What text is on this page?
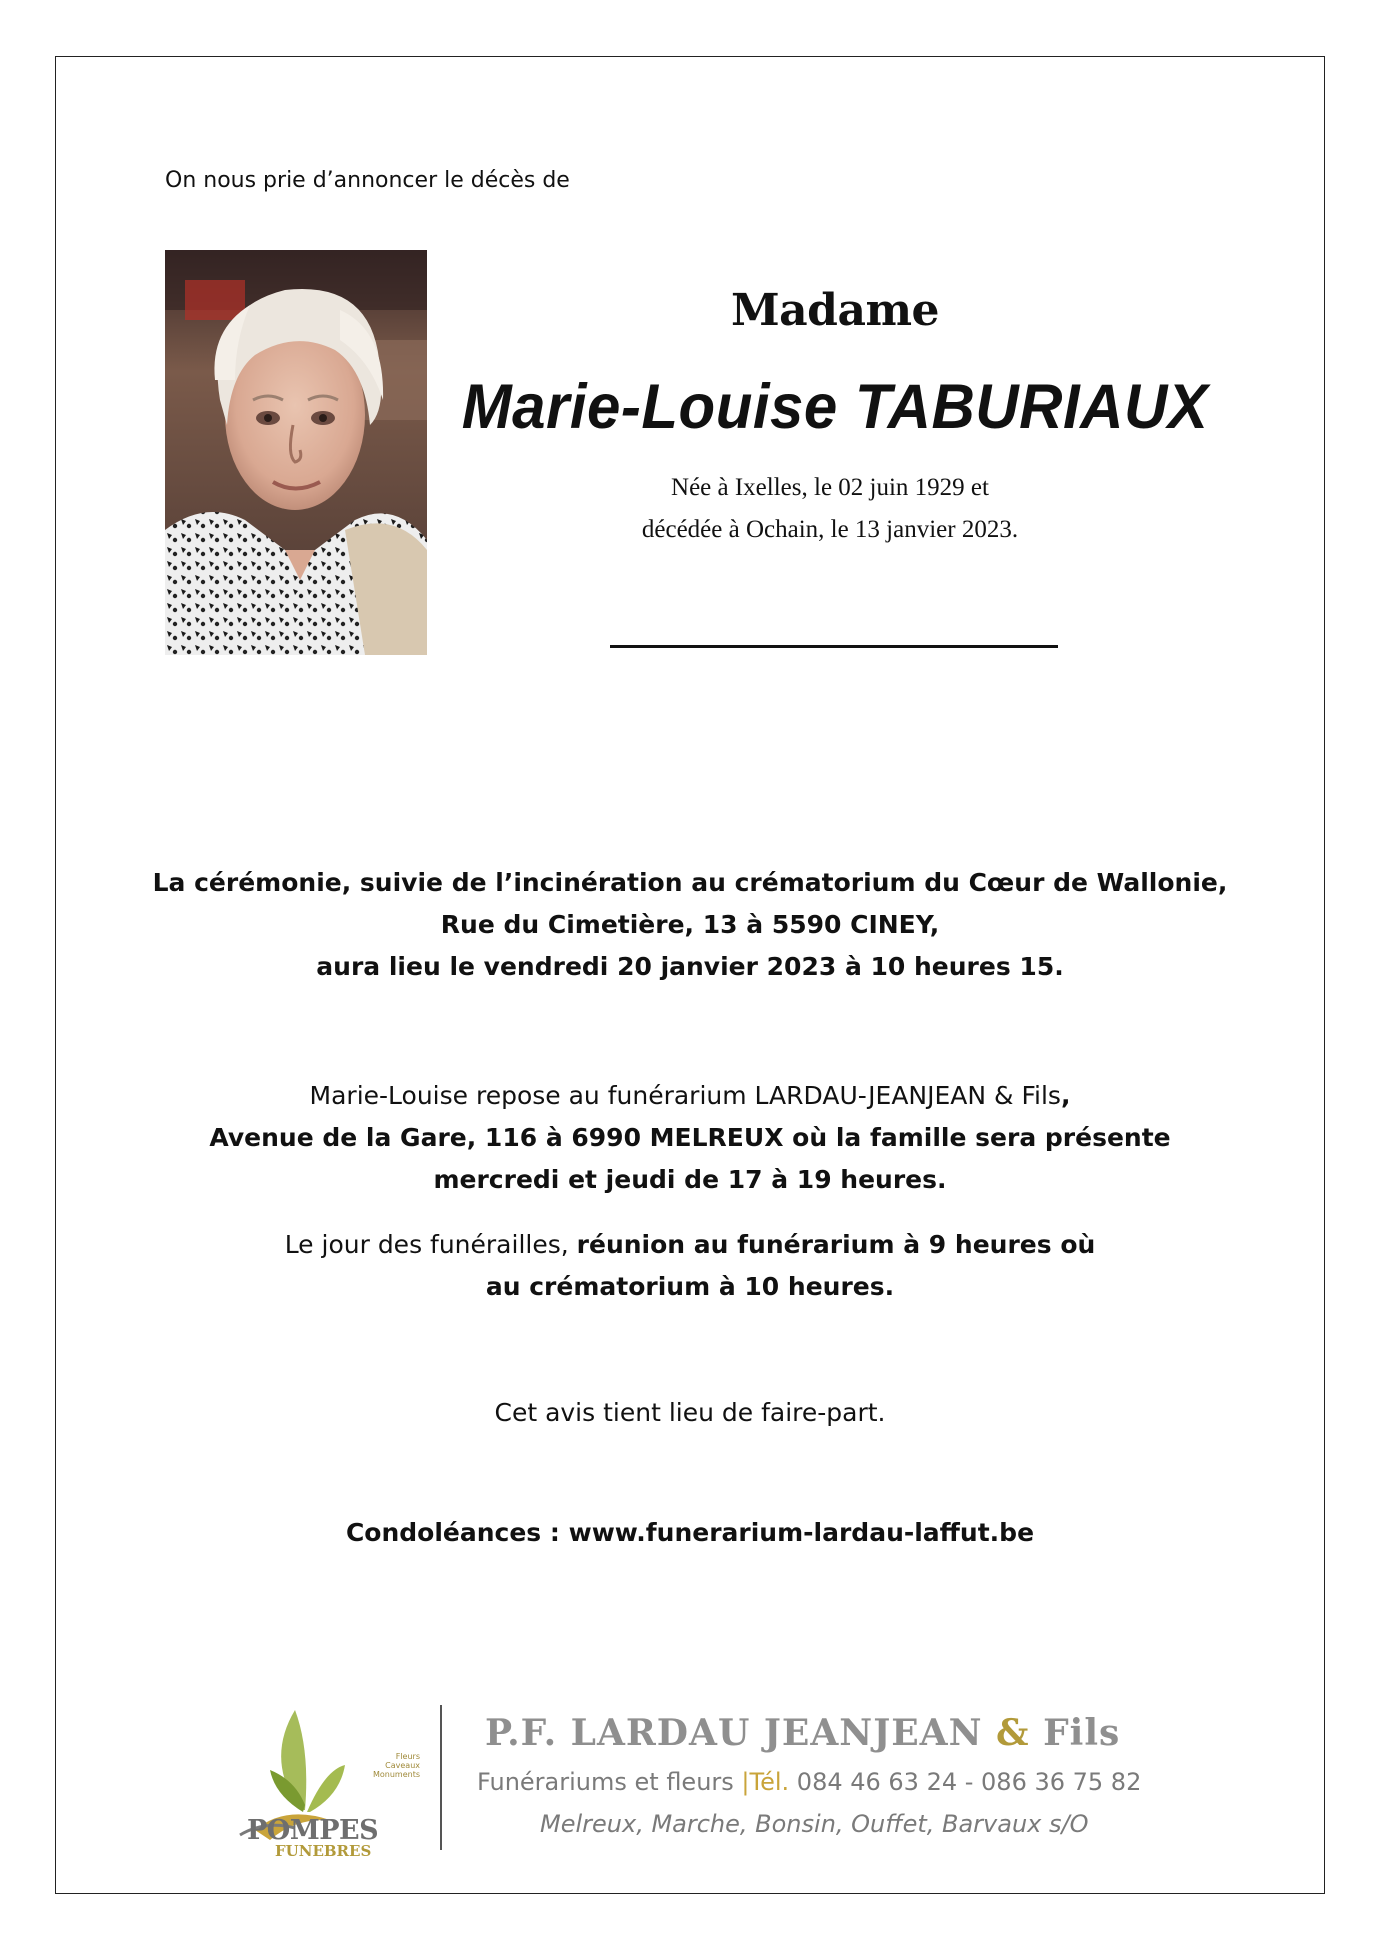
On nous prie d’annoncer le décès de
Madame
Marie-Louise TABURIAUX
Née à Ixelles, le 02 juin 1929 et
décédée à Ochain, le 13 janvier 2023.
La cérémonie, suivie de l’incinération au crématorium du Cœur de Wallonie,
Rue du Cimetière, 13 à 5590 CINEY,
aura lieu le vendredi 20 janvier 2023 à 10 heures 15.
Marie-Louise repose au funérarium LARDAU-JEANJEAN & Fils,
Avenue de la Gare, 116 à 6990 MELREUX où la famille sera présente
mercredi et jeudi de 17 à 19 heures.
Le jour des funérailles, réunion au funérarium à 9 heures où
au crématorium à 10 heures.
Cet avis tient lieu de faire-part.
Condoléances : www.funerarium-lardau-laffut.be
Fleurs
Caveaux
Monuments
POMPES
FUNEBRES
P.F. LARDAU JEANJEAN & Fils
Funérariums et fleurs |Tél. 084 46 63 24 - 086 36 75 82
Melreux, Marche, Bonsin, Ouffet, Barvaux s/O
